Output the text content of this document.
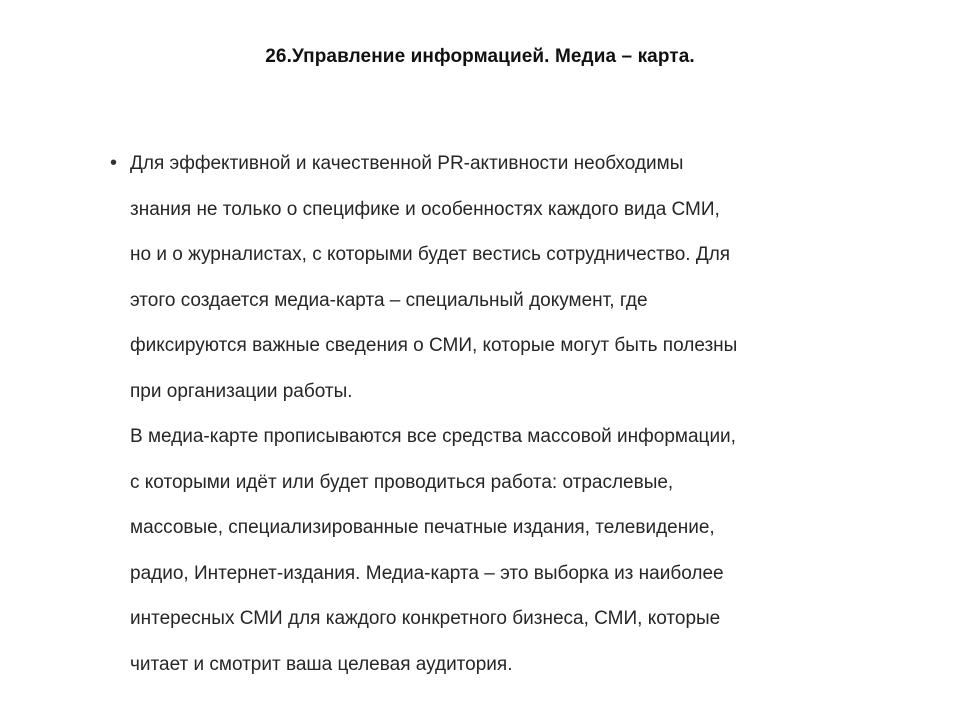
26.Управление информацией. Медиа – карта.
• Для эффективной и качественной PR-активности необходимы
знания не только о специфике и особенностях каждого вида СМИ,
но и о журналистах, с которыми будет вестись сотрудничество. Для
этого создается медиа-карта – специальный документ, где
фиксируются важные сведения о СМИ, которые могут быть полезны
при организации работы.
В медиа-карте прописываются все средства массовой информации,
с которыми идёт или будет проводиться работа: отраслевые,
массовые, специализированные печатные издания, телевидение,
радио, Интернет-издания. Медиа-карта – это выборка из наиболее
интересных СМИ для каждого конкретного бизнеса, СМИ, которые
читает и смотрит ваша целевая аудитория.
